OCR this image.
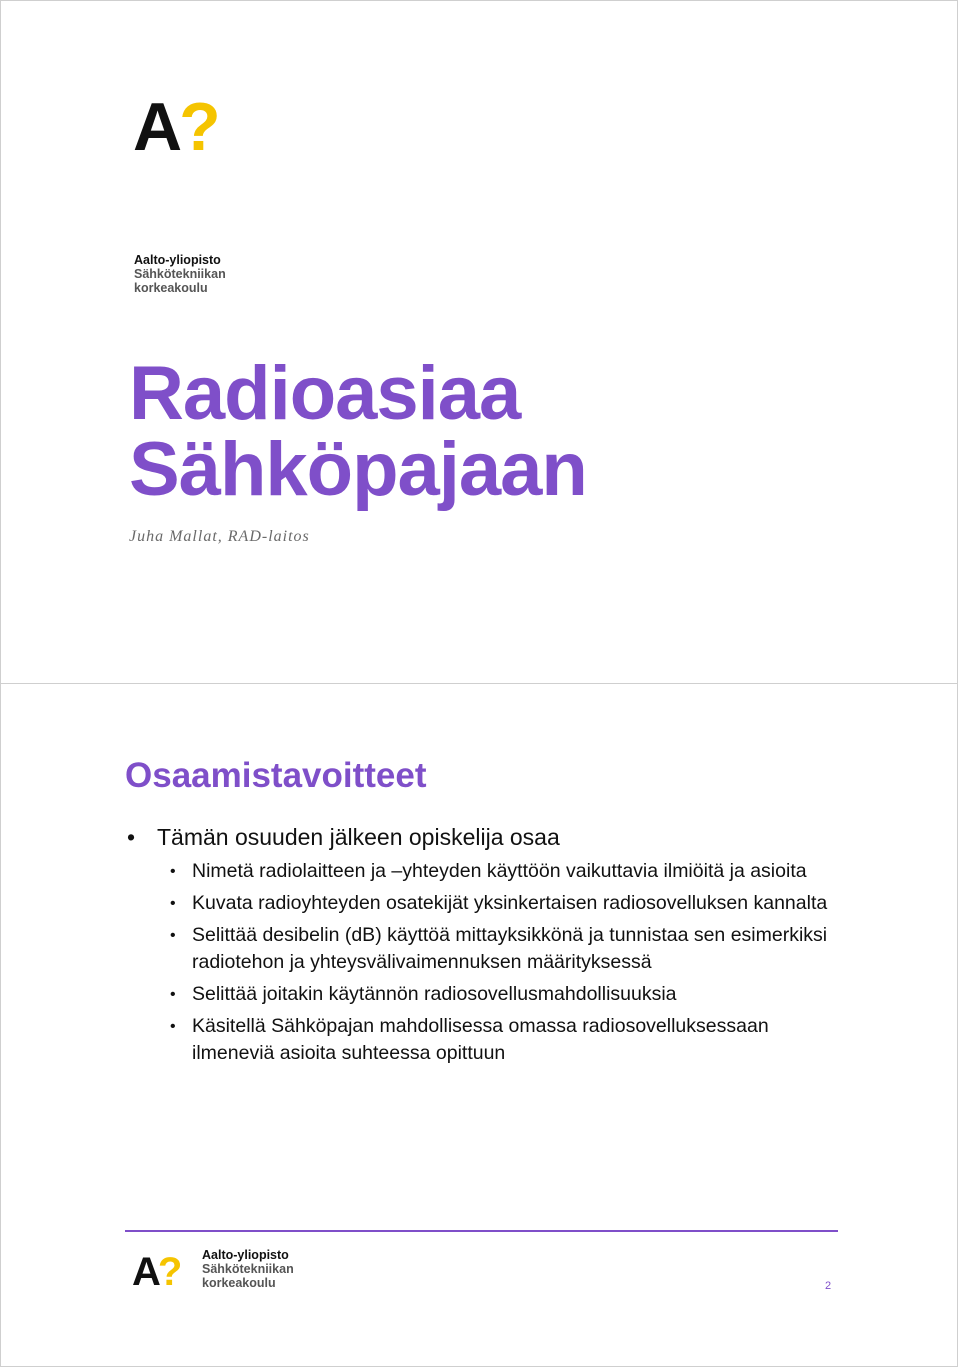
A?
Aalto-yliopisto
Sähkötekniikan
korkeakoulu
Radioasiaa
Sähköpajaan
Juha Mallat, RAD-laitos
Osaamistavoitteet
• Tämän osuuden jälkeen opiskelija osaa
• Nimetä radiolaitteen ja –yhteyden käyttöön vaikuttavia ilmiöitä ja asioita
• Kuvata radioyhteyden osatekijät yksinkertaisen radiosovelluksen kannalta
• Selittää desibelin (dB) käyttöä mittayksikkönä ja tunnistaa sen esimerkiksi radiotehon ja yhteysvälivaimennuksen määrityksessä
• Selittää joitakin käytännön radiosovellusmahdollisuuksia
• Käsitellä Sähköpajan mahdollisessa omassa radiosovelluksessaan ilmeneviä asioita suhteessa opittuun
A? Aalto-yliopisto
Sähkötekniikan
korkeakoulu	2
